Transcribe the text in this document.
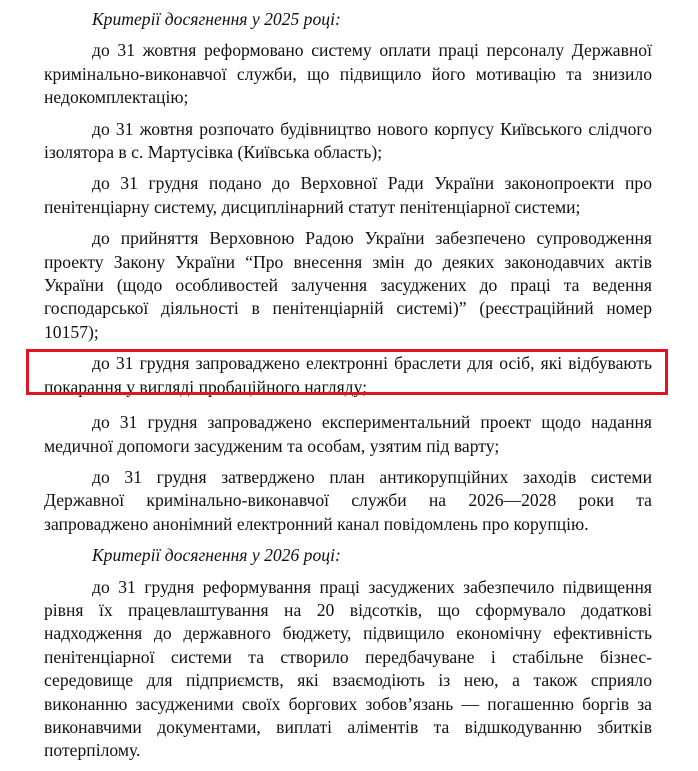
Критерії досягнення у 2025 році:

до 31 жовтня реформовано систему оплати праці персоналу Державної кримінально-виконавчої служби, що підвищило його мотивацію та знизило недокомплектацію;

до 31 жовтня розпочато будівництво нового корпусу Київського слідчого ізолятора в с. Мартусівка (Київська область);

до 31 грудня подано до Верховної Ради України законопроекти про пенітенціарну систему, дисциплінарний статут пенітенціарної системи;

до прийняття Верховною Радою України забезпечено супроводження проекту Закону України “Про внесення змін до деяких законодавчих актів України (щодо особливостей залучення засуджених до праці та ведення господарської діяльності в пенітенціарній системі)” (реєстраційний номер 10157);

до 31 грудня запроваджено електронні браслети для осіб, які відбувають покарання у вигляді пробаційного нагляду;

до 31 грудня запроваджено експериментальний проект щодо надання медичної допомоги засудженим та особам, узятим під варту;

до 31 грудня затверджено план антикорупційних заходів системи Державної кримінально-виконавчої служби на 2026—2028 роки та запроваджено анонімний електронний канал повідомлень про корупцію.

Критерії досягнення у 2026 році:

до 31 грудня реформування праці засуджених забезпечило підвищення рівня їх працевлаштування на 20 відсотків, що сформувало додаткові надходження до державного бюджету, підвищило економічну ефективність пенітенціарної системи та створило передбачуване і стабільне бізнес-середовище для підприємств, які взаємодіють із нею, а також сприяло виконанню засудженими своїх боргових зобов’язань — погашенню боргів за виконавчими документами, виплаті аліментів та відшкодуванню збитків потерпілому.
